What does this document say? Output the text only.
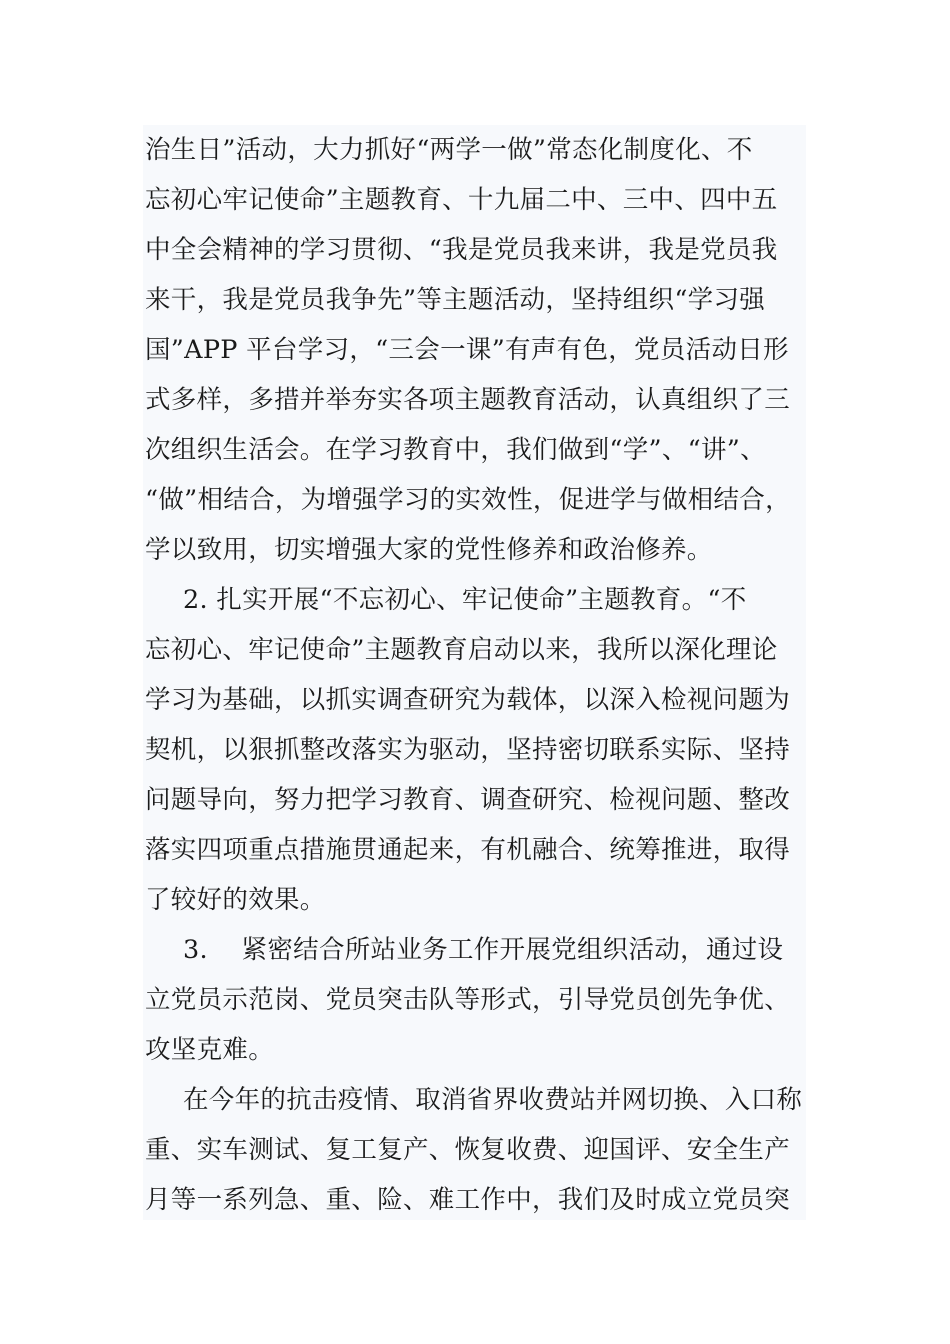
治生日”活动，大力抓好“两学一做”常态化制度化、不
忘初心牢记使命”主题教育、十九届二中、三中、四中五
中全会精神的学习贯彻、“我是党员我来讲，我是党员我
来干，我是党员我争先”等主题活动，坚持组织“学习强
国”APP 平台学习，“三会一课”有声有色，党员活动日形
式多样，多措并举夯实各项主题教育活动，认真组织了三
次组织生活会。在学习教育中，我们做到“学”、“讲”、
“做”相结合，为增强学习的实效性，促进学与做相结合，
学以致用，切实增强大家的党性修养和政治修养。
2. 扎实开展“不忘初心、牢记使命”主题教育。“不
忘初心、牢记使命”主题教育启动以来，我所以深化理论
学习为基础，以抓实调查研究为载体，以深入检视问题为
契机，以狠抓整改落实为驱动，坚持密切联系实际、坚持
问题导向，努力把学习教育、调查研究、检视问题、整改
落实四项重点措施贯通起来，有机融合、统筹推进，取得
了较好的效果。
3.    紧密结合所站业务工作开展党组织活动，通过设
立党员示范岗、党员突击队等形式，引导党员创先争优、
攻坚克难。
在今年的抗击疫情、取消省界收费站并网切换、入口称
重、实车测试、复工复产、恢复收费、迎国评、安全生产
月等一系列急、重、险、难工作中，我们及时成立党员突
